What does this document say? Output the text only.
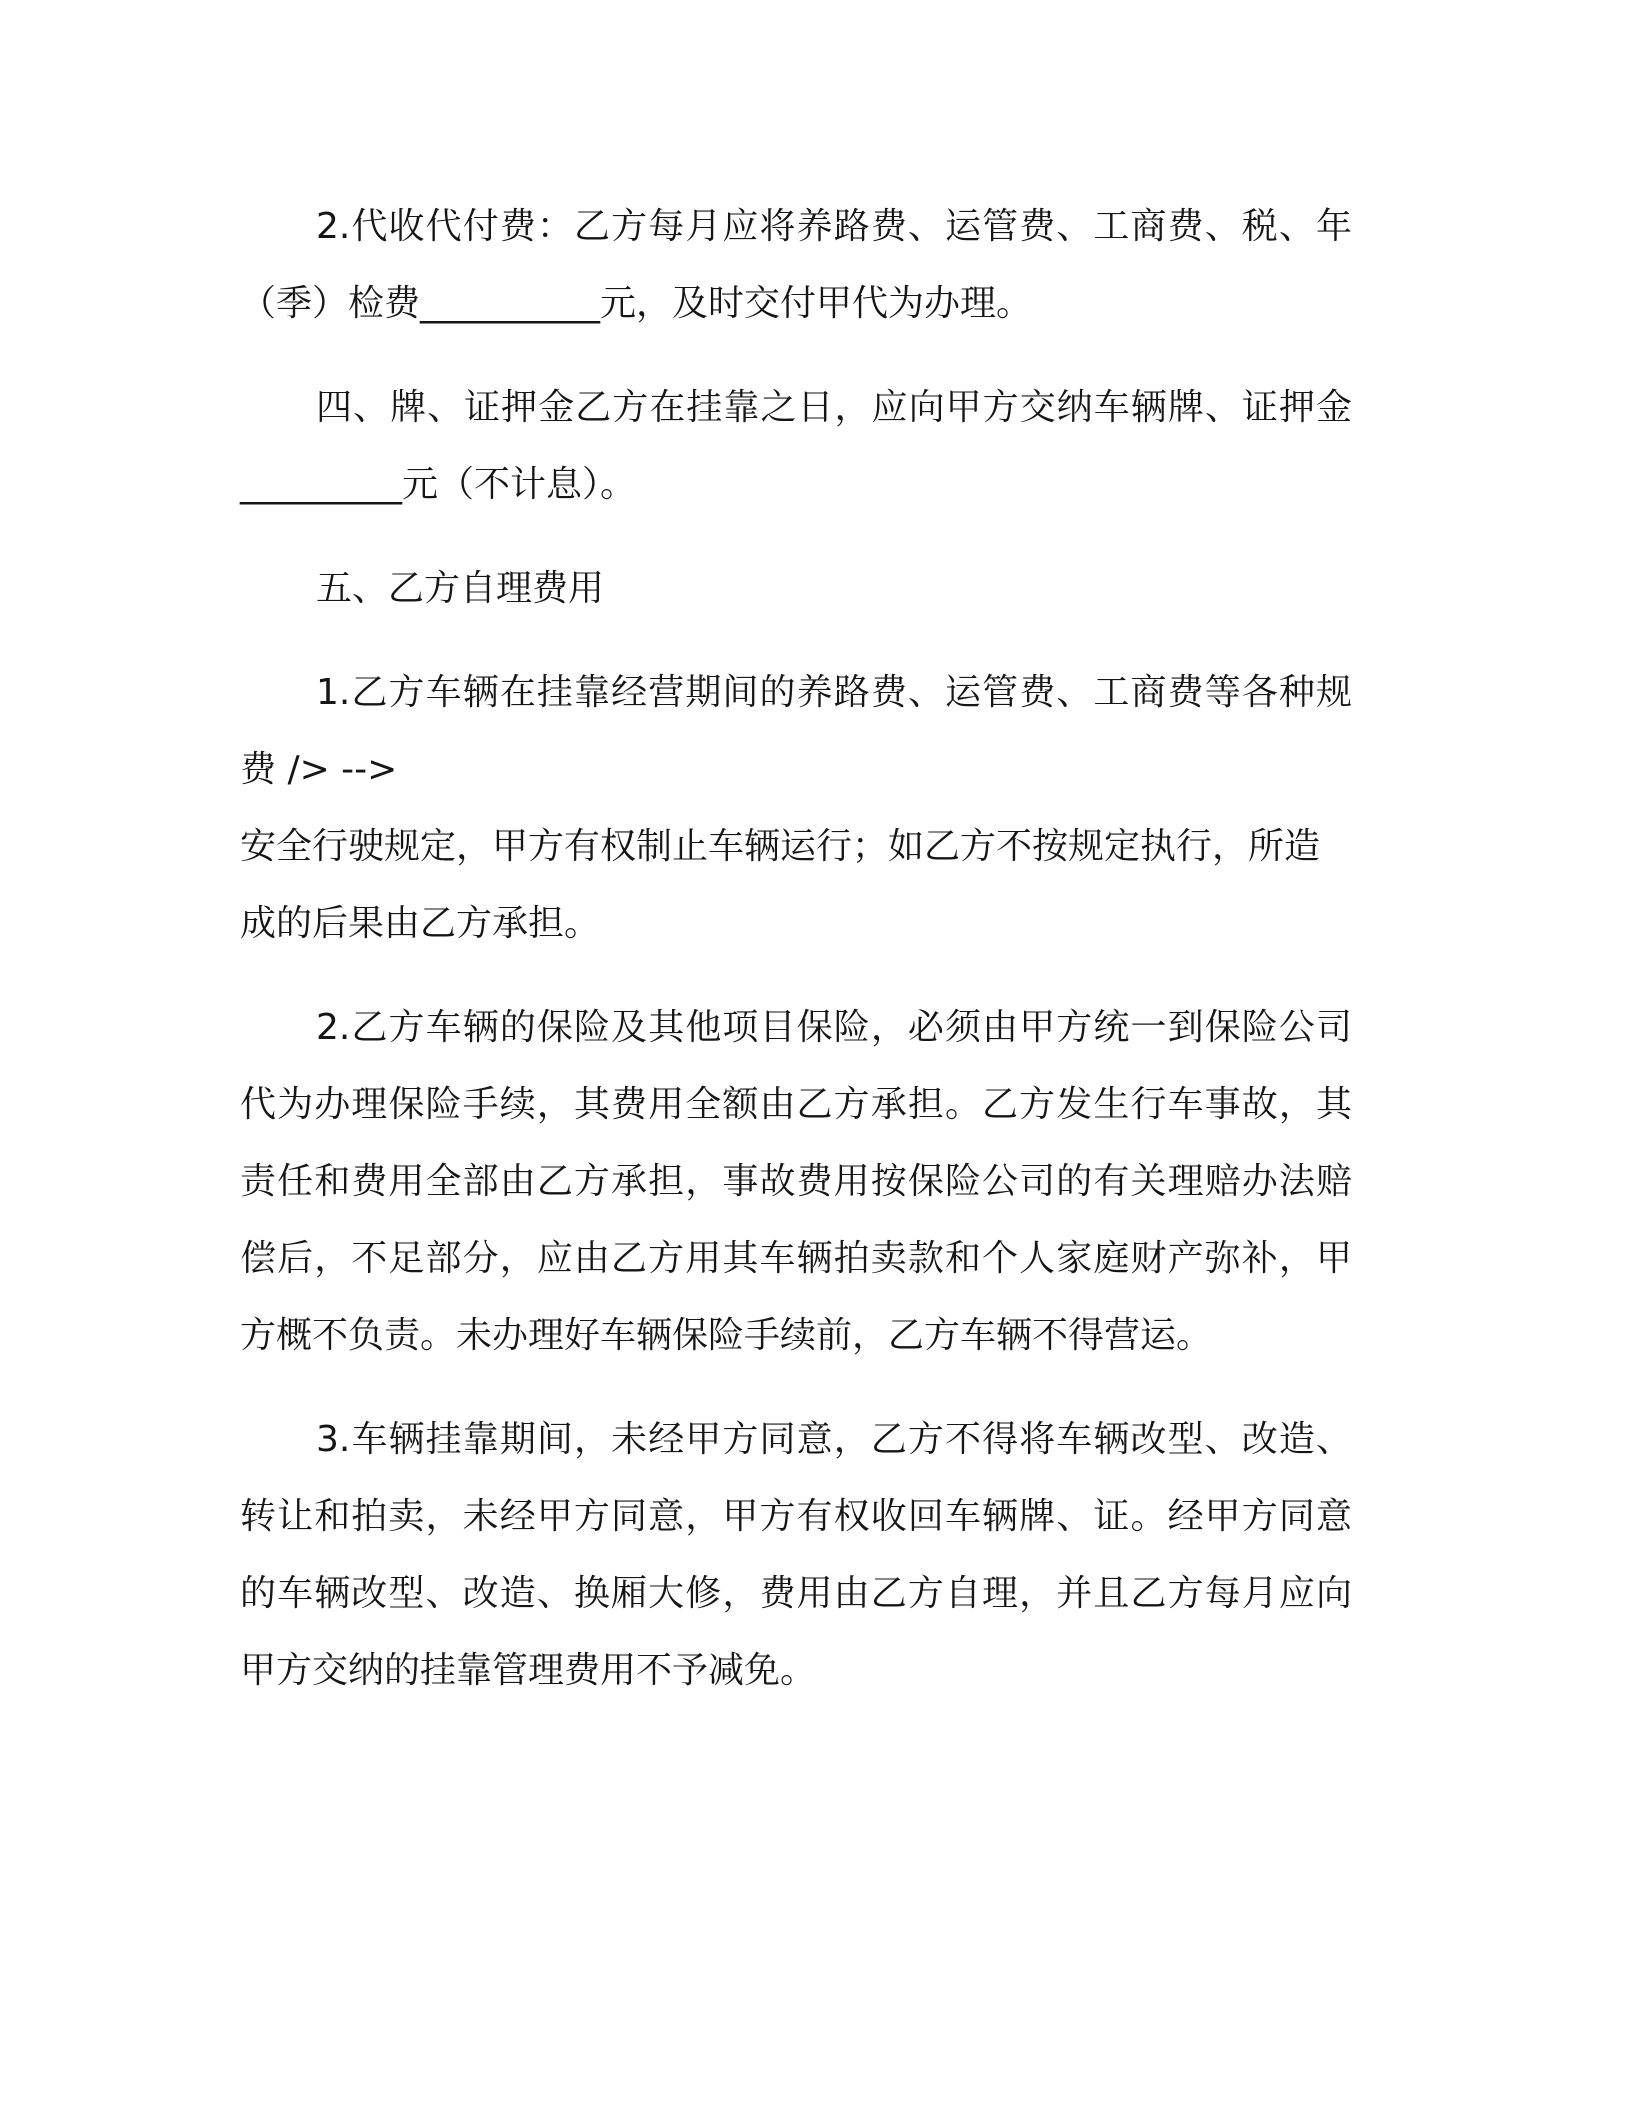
2.代收代付费：乙方每月应将养路费、运管费、工商费、税、年（季）检费__________元，及时交付甲代为办理。

四、牌、证押金乙方在挂靠之日，应向甲方交纳车辆牌、证押金_________元（不计息）。

五、乙方自理费用

1.乙方车辆在挂靠经营期间的养路费、运管费、工商费等各种规费 /> -->

安全行驶规定，甲方有权制止车辆运行；如乙方不按规定执行，所造成的后果由乙方承担。

2.乙方车辆的保险及其他项目保险，必须由甲方统一到保险公司代为办理保险手续，其费用全额由乙方承担。乙方发生行车事故，其责任和费用全部由乙方承担，事故费用按保险公司的有关理赔办法赔偿后，不足部分，应由乙方用其车辆拍卖款和个人家庭财产弥补，甲方概不负责。未办理好车辆保险手续前，乙方车辆不得营运。

3.车辆挂靠期间，未经甲方同意，乙方不得将车辆改型、改造、转让和拍卖，未经甲方同意，甲方有权收回车辆牌、证。经甲方同意的车辆改型、改造、换厢大修，费用由乙方自理，并且乙方每月应向甲方交纳的挂靠管理费用不予减免。
